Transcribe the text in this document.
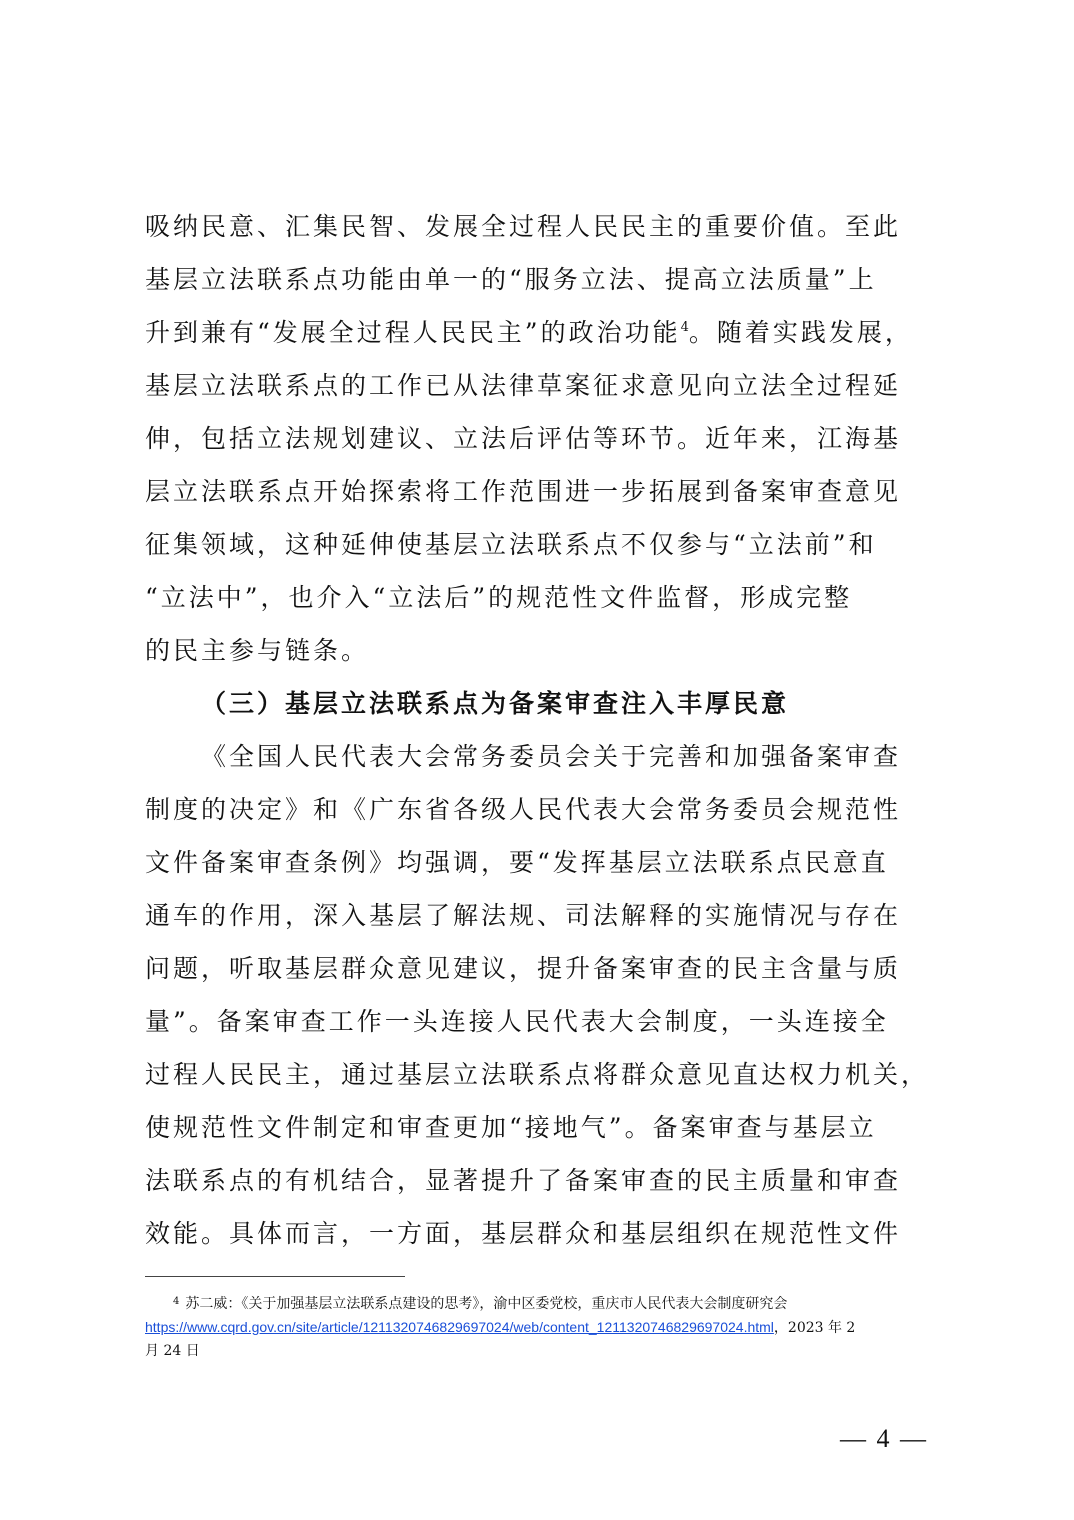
吸纳民意、汇集民智、发展全过程人民民主的重要价值。至此
基层立法联系点功能由单一的“服务立法、提高立法质量”上
升到兼有“发展全过程人民民主”的政治功能$^4$。随着实践发展，
基层立法联系点的工作已从法律草案征求意见向立法全过程延
伸，包括立法规划建议、立法后评估等环节。近年来，江海基
层立法联系点开始探索将工作范围进一步拓展到备案审查意见
征集领域，这种延伸使基层立法联系点不仅参与“立法前”和
“立法中”，也介入“立法后”的规范性文件监督，形成完整
的民主参与链条。
（三）基层立法联系点为备案审查注入丰厚民意
《全国人民代表大会常务委员会关于完善和加强备案审查
制度的决定》和《广东省各级人民代表大会常务委员会规范性
文件备案审查条例》均强调，要“发挥基层立法联系点民意直
通车的作用，深入基层了解法规、司法解释的实施情况与存在
问题，听取基层群众意见建议，提升备案审查的民主含量与质
量”。备案审查工作一头连接人民代表大会制度，一头连接全
过程人民民主，通过基层立法联系点将群众意见直达权力机关，
使规范性文件制定和审查更加“接地气”。备案审查与基层立
法联系点的有机结合，显著提升了备案审查的民主质量和审查
效能。具体而言，一方面，基层群众和基层组织在规范性文件
$^4$ 苏二威：《关于加强基层立法联系点建设的思考》，渝中区委党校，重庆市人民代表大会制度研究会
https://www.cqrd.gov.cn/site/article/1211320746829697024/web/content_1211320746829697024.html，2023 年 2
月 24 日
— 4 —
